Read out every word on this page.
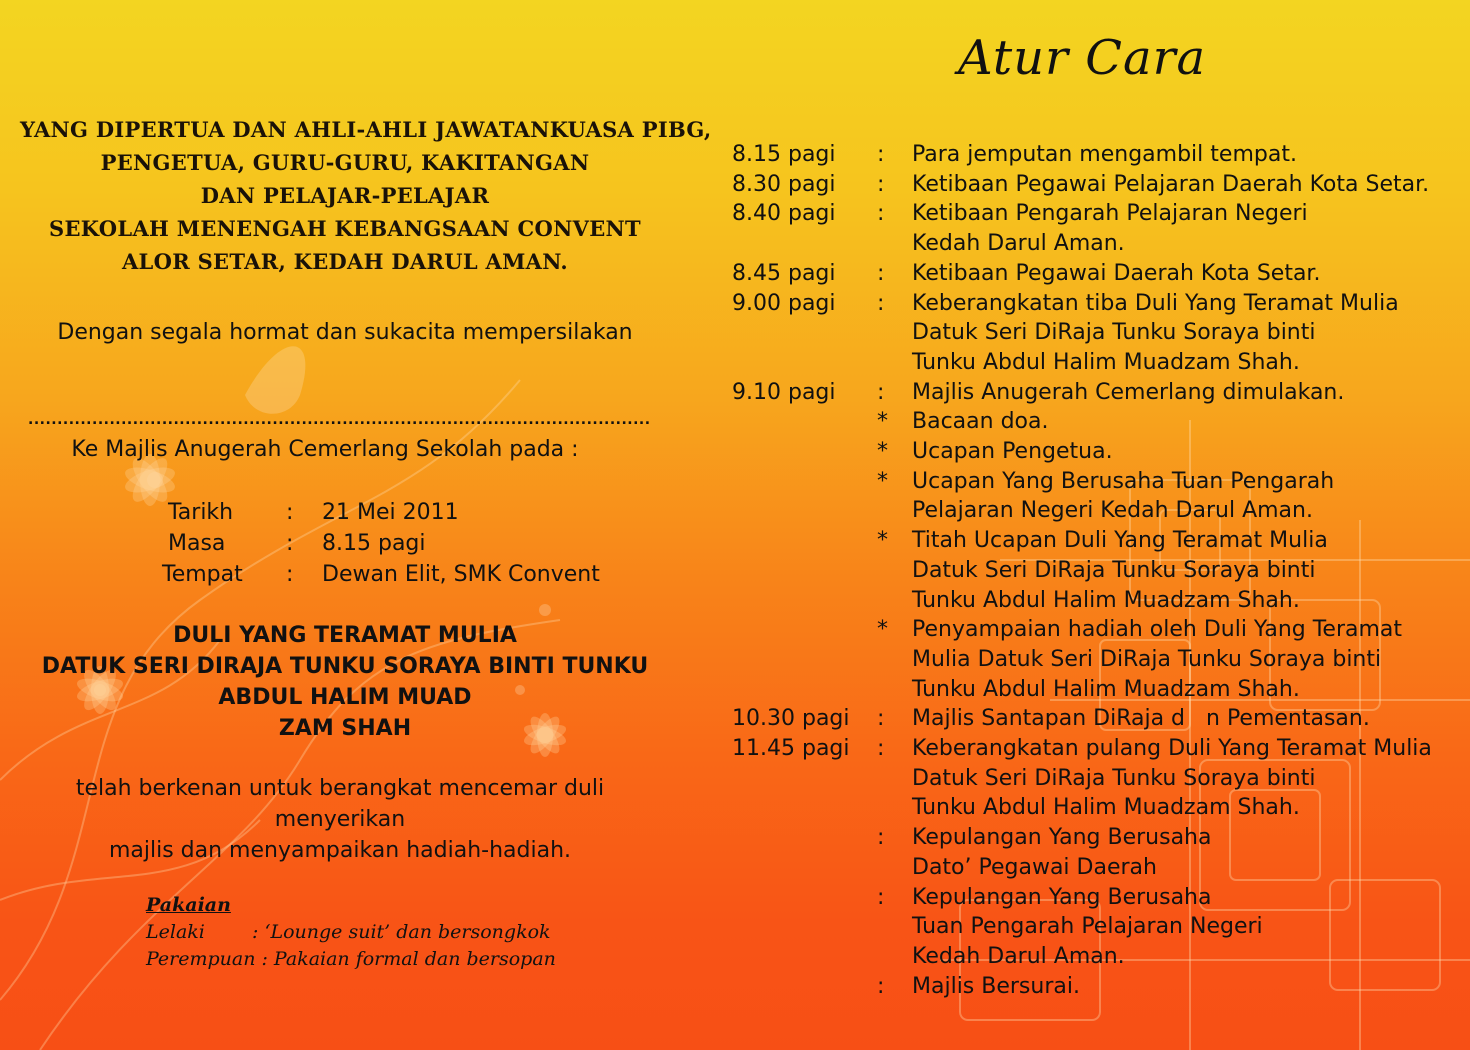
YANG DIPERTUA DAN AHLI-AHLI JAWATANKUASA PIBG,
PENGETUA, GURU-GURU, KAKITANGAN
DAN PELAJAR-PELAJAR
SEKOLAH MENENGAH KEBANGSAAN CONVENT
ALOR SETAR, KEDAH DARUL AMAN.
Dengan segala hormat dan sukacita mempersilakan
...........................................................................................................
Ke Majlis Anugerah Cemerlang Sekolah pada :
Tarikh	:	21 Mei 2011
Masa	:	8.15 pagi
Tempat	:	Dewan Elit, SMK Convent
DULI YANG TERAMAT MULIA
DATUK SERI DIRAJA TUNKU SORAYA BINTI TUNKU
ABDUL HALIM MUAD
ZAM SHAH
telah berkenan untuk berangkat mencemar duli menyerikan
majlis dan menyampaikan hadiah-hadiah.
Pakaian
Lelaki	: ‘Lounge suit’ dan bersongkok
Perempuan : Pakaian formal dan bersopan
Atur Cara
8.15 pagi	:	Para jemputan mengambil tempat.
8.30 pagi	:	Ketibaan Pegawai Pelajaran Daerah Kota Setar.
8.40 pagi	:	Ketibaan Pengarah Pelajaran Negeri
Kedah Darul Aman.
8.45 pagi	:	Ketibaan Pegawai Daerah Kota Setar.
9.00 pagi	:	Keberangkatan tiba Duli Yang Teramat Mulia
Datuk Seri DiRaja Tunku Soraya binti
Tunku Abdul Halim Muadzam Shah.
9.10 pagi	:	Majlis Anugerah Cemerlang dimulakan.
*	Bacaan doa.
*	Ucapan Pengetua.
*	Ucapan Yang Berusaha Tuan Pengarah
Pelajaran Negeri Kedah Darul Aman.
*	Titah Ucapan Duli Yang Teramat Mulia
Datuk Seri DiRaja Tunku Soraya binti
Tunku Abdul Halim Muadzam Shah.
*	Penyampaian hadiah oleh Duli Yang Teramat
Mulia Datuk Seri DiRaja Tunku Soraya binti
Tunku Abdul Halim Muadzam Shah.
10.30 pagi	:	Majlis Santapan DiRaja d   n Pementasan.
11.45 pagi	:	Keberangkatan pulang Duli Yang Teramat Mulia
Datuk Seri DiRaja Tunku Soraya binti
Tunku Abdul Halim Muadzam Shah.
:	Kepulangan Yang Berusaha
Dato’ Pegawai Daerah
:	Kepulangan Yang Berusaha
Tuan Pengarah Pelajaran Negeri
Kedah Darul Aman.
:	Majlis Bersurai.
